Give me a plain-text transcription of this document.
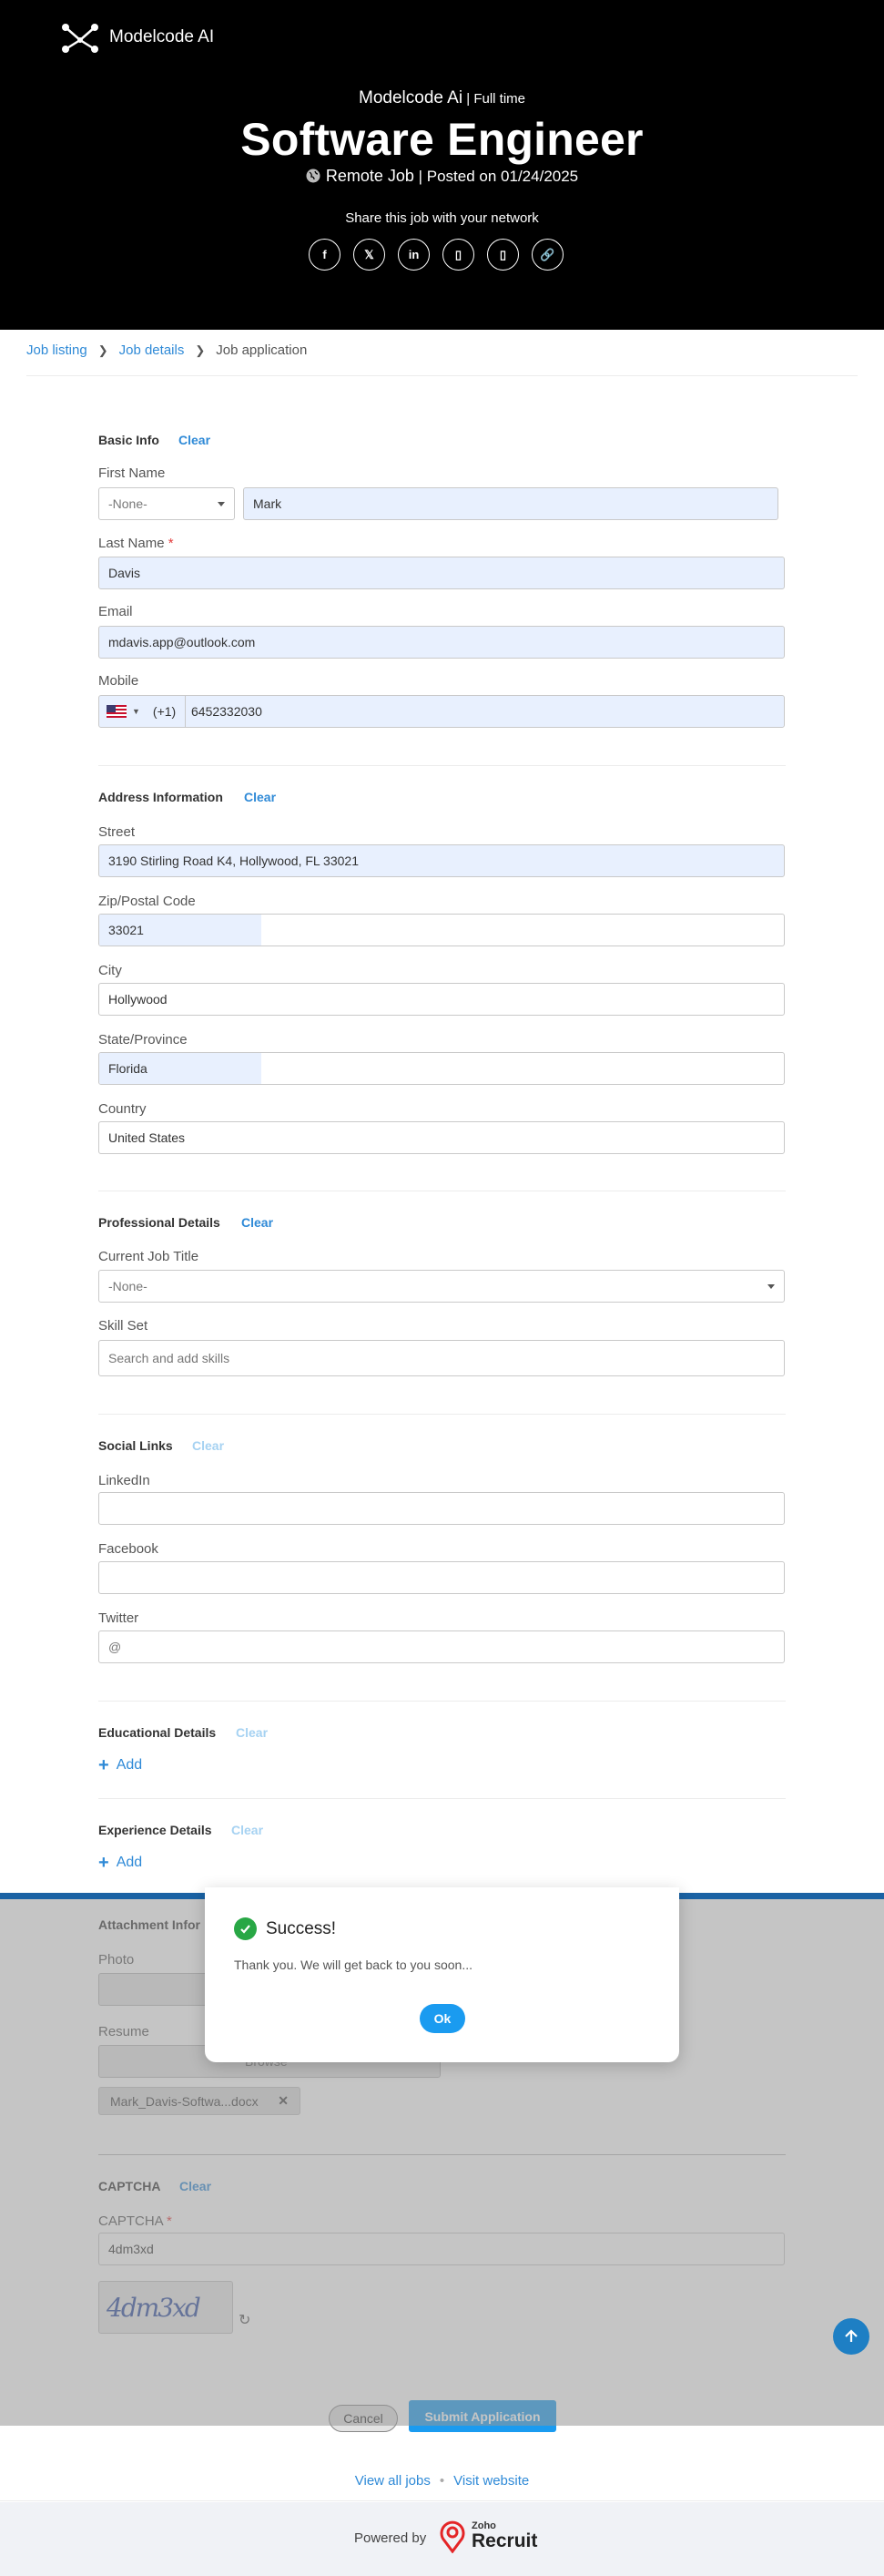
Modelcode AI
Modelcode Ai | Full time
Software Engineer
Remote Job | Posted on 01/24/2025
Share this job with your network
f	𝕏	in	▯	▯	🔗
Job listing ❯ Job details ❯ Job application
Basic Info Clear
First Name
-None-	Mark
Last Name *
Davis
Email
mdavis.app@outlook.com
Mobile
▼ (+1)	6452332030
Address Information Clear
Street
3190 Stirling Road K4, Hollywood, FL 33021
Zip/Postal Code
33021
City
Hollywood
State/Province
Florida
Country
United States
Professional Details Clear
Current Job Title
-None-
Skill Set
Search and add skills
Social Links Clear
LinkedIn
Facebook
Twitter
@
Educational Details Clear
+ Add
Experience Details Clear
+ Add
Success!
Thank you. We will get back to you soon...
Ok
View all jobs • Visit website
Powered by
Zoho
Recruit
